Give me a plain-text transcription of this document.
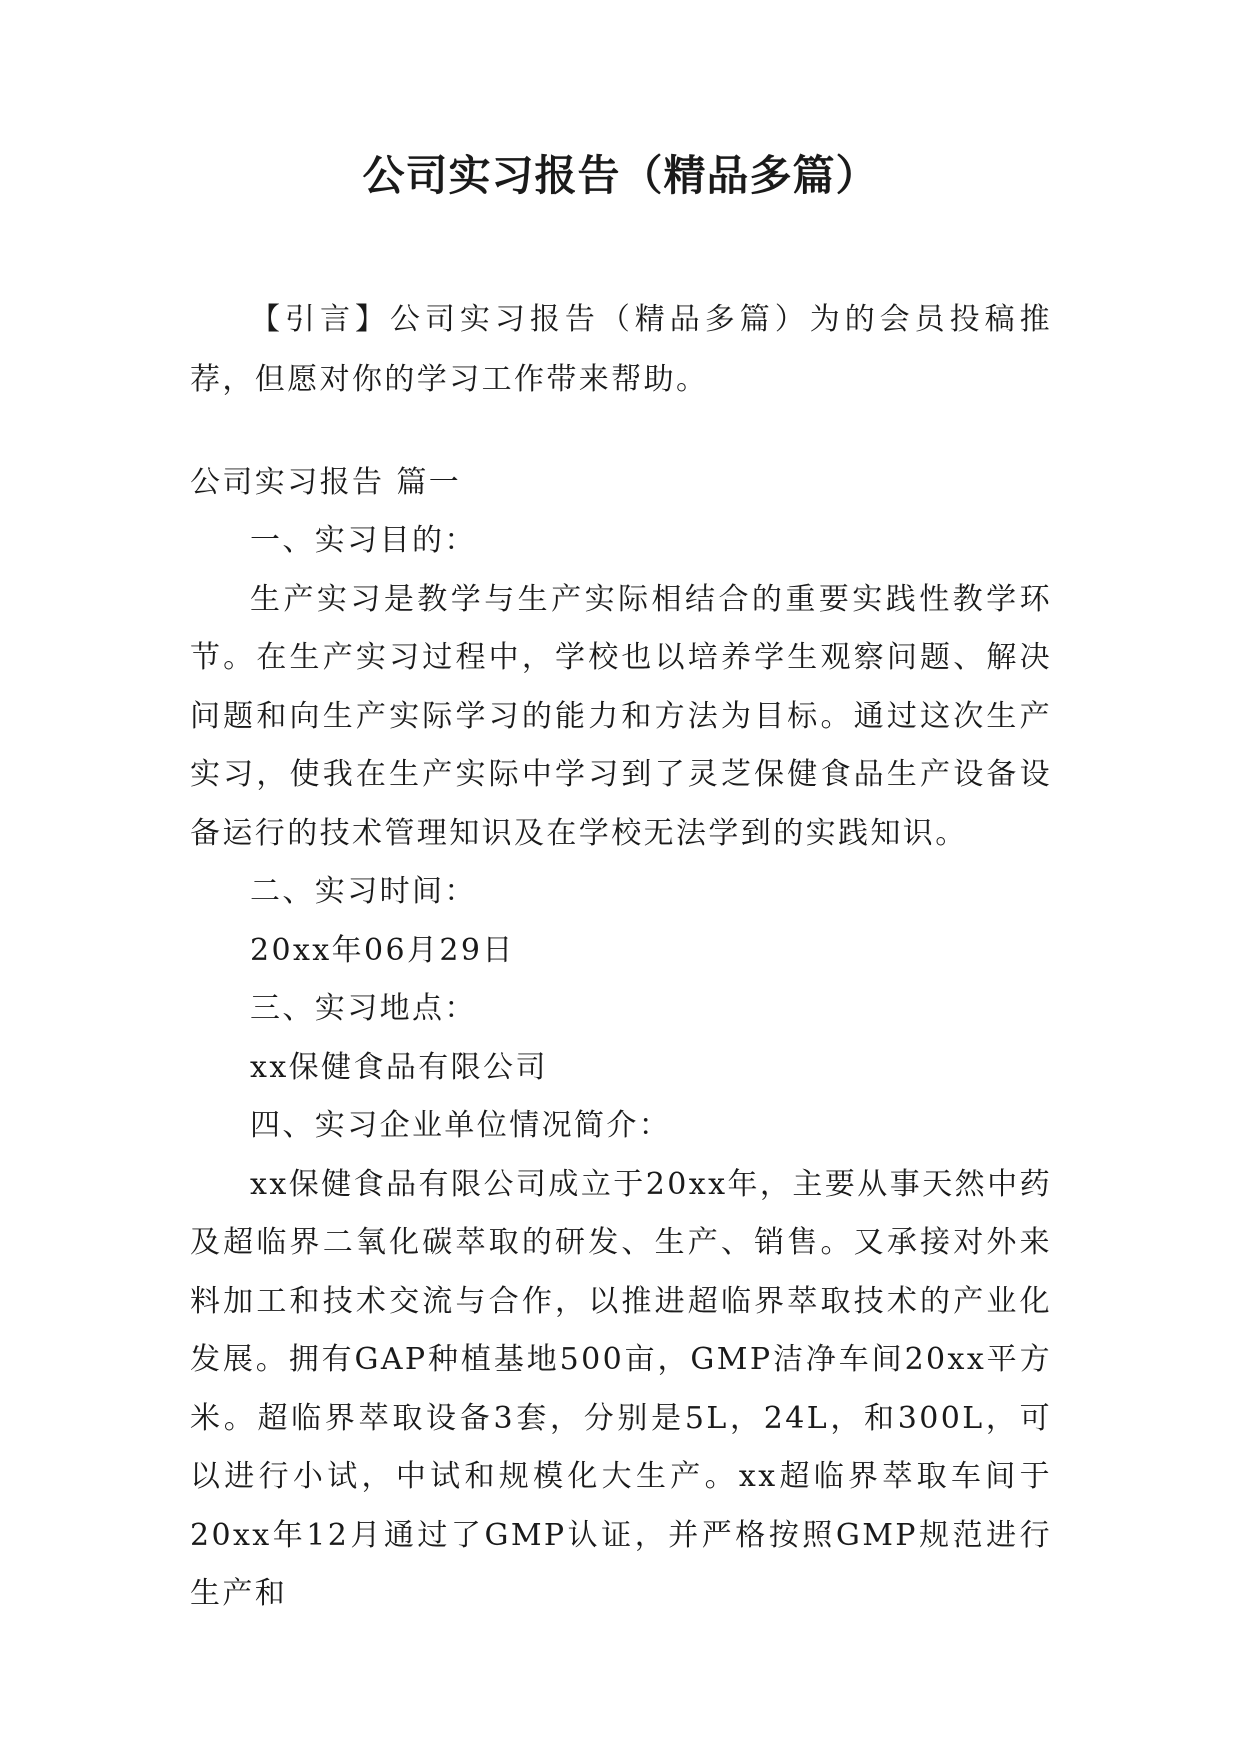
公司实习报告（精品多篇）

【引言】公司实习报告（精品多篇）为的会员投稿推荐，但愿对你的学习工作带来帮助。

公司实习报告 篇一

一、实习目的：

生产实习是教学与生产实际相结合的重要实践性教学环节。在生产实习过程中，学校也以培养学生观察问题、解决问题和向生产实际学习的能力和方法为目标。通过这次生产实习，使我在生产实际中学习到了灵芝保健食品生产设备设备运行的技术管理知识及在学校无法学到的实践知识。

二、实习时间：

20xx年06月29日

三、实习地点：

xx保健食品有限公司

四、实习企业单位情况简介：

xx保健食品有限公司成立于20xx年，主要从事天然中药及超临界二氧化碳萃取的研发、生产、销售。又承接对外来料加工和技术交流与合作，以推进超临界萃取技术的产业化发展。拥有GAP种植基地500亩，GMP洁净车间20xx平方米。超临界萃取设备3套，分别是5L，24L，和300L，可以进行小试，中试和规模化大生产。xx超临界萃取车间于20xx年12月通过了GMP认证，并严格按照GMP规范进行生产和
